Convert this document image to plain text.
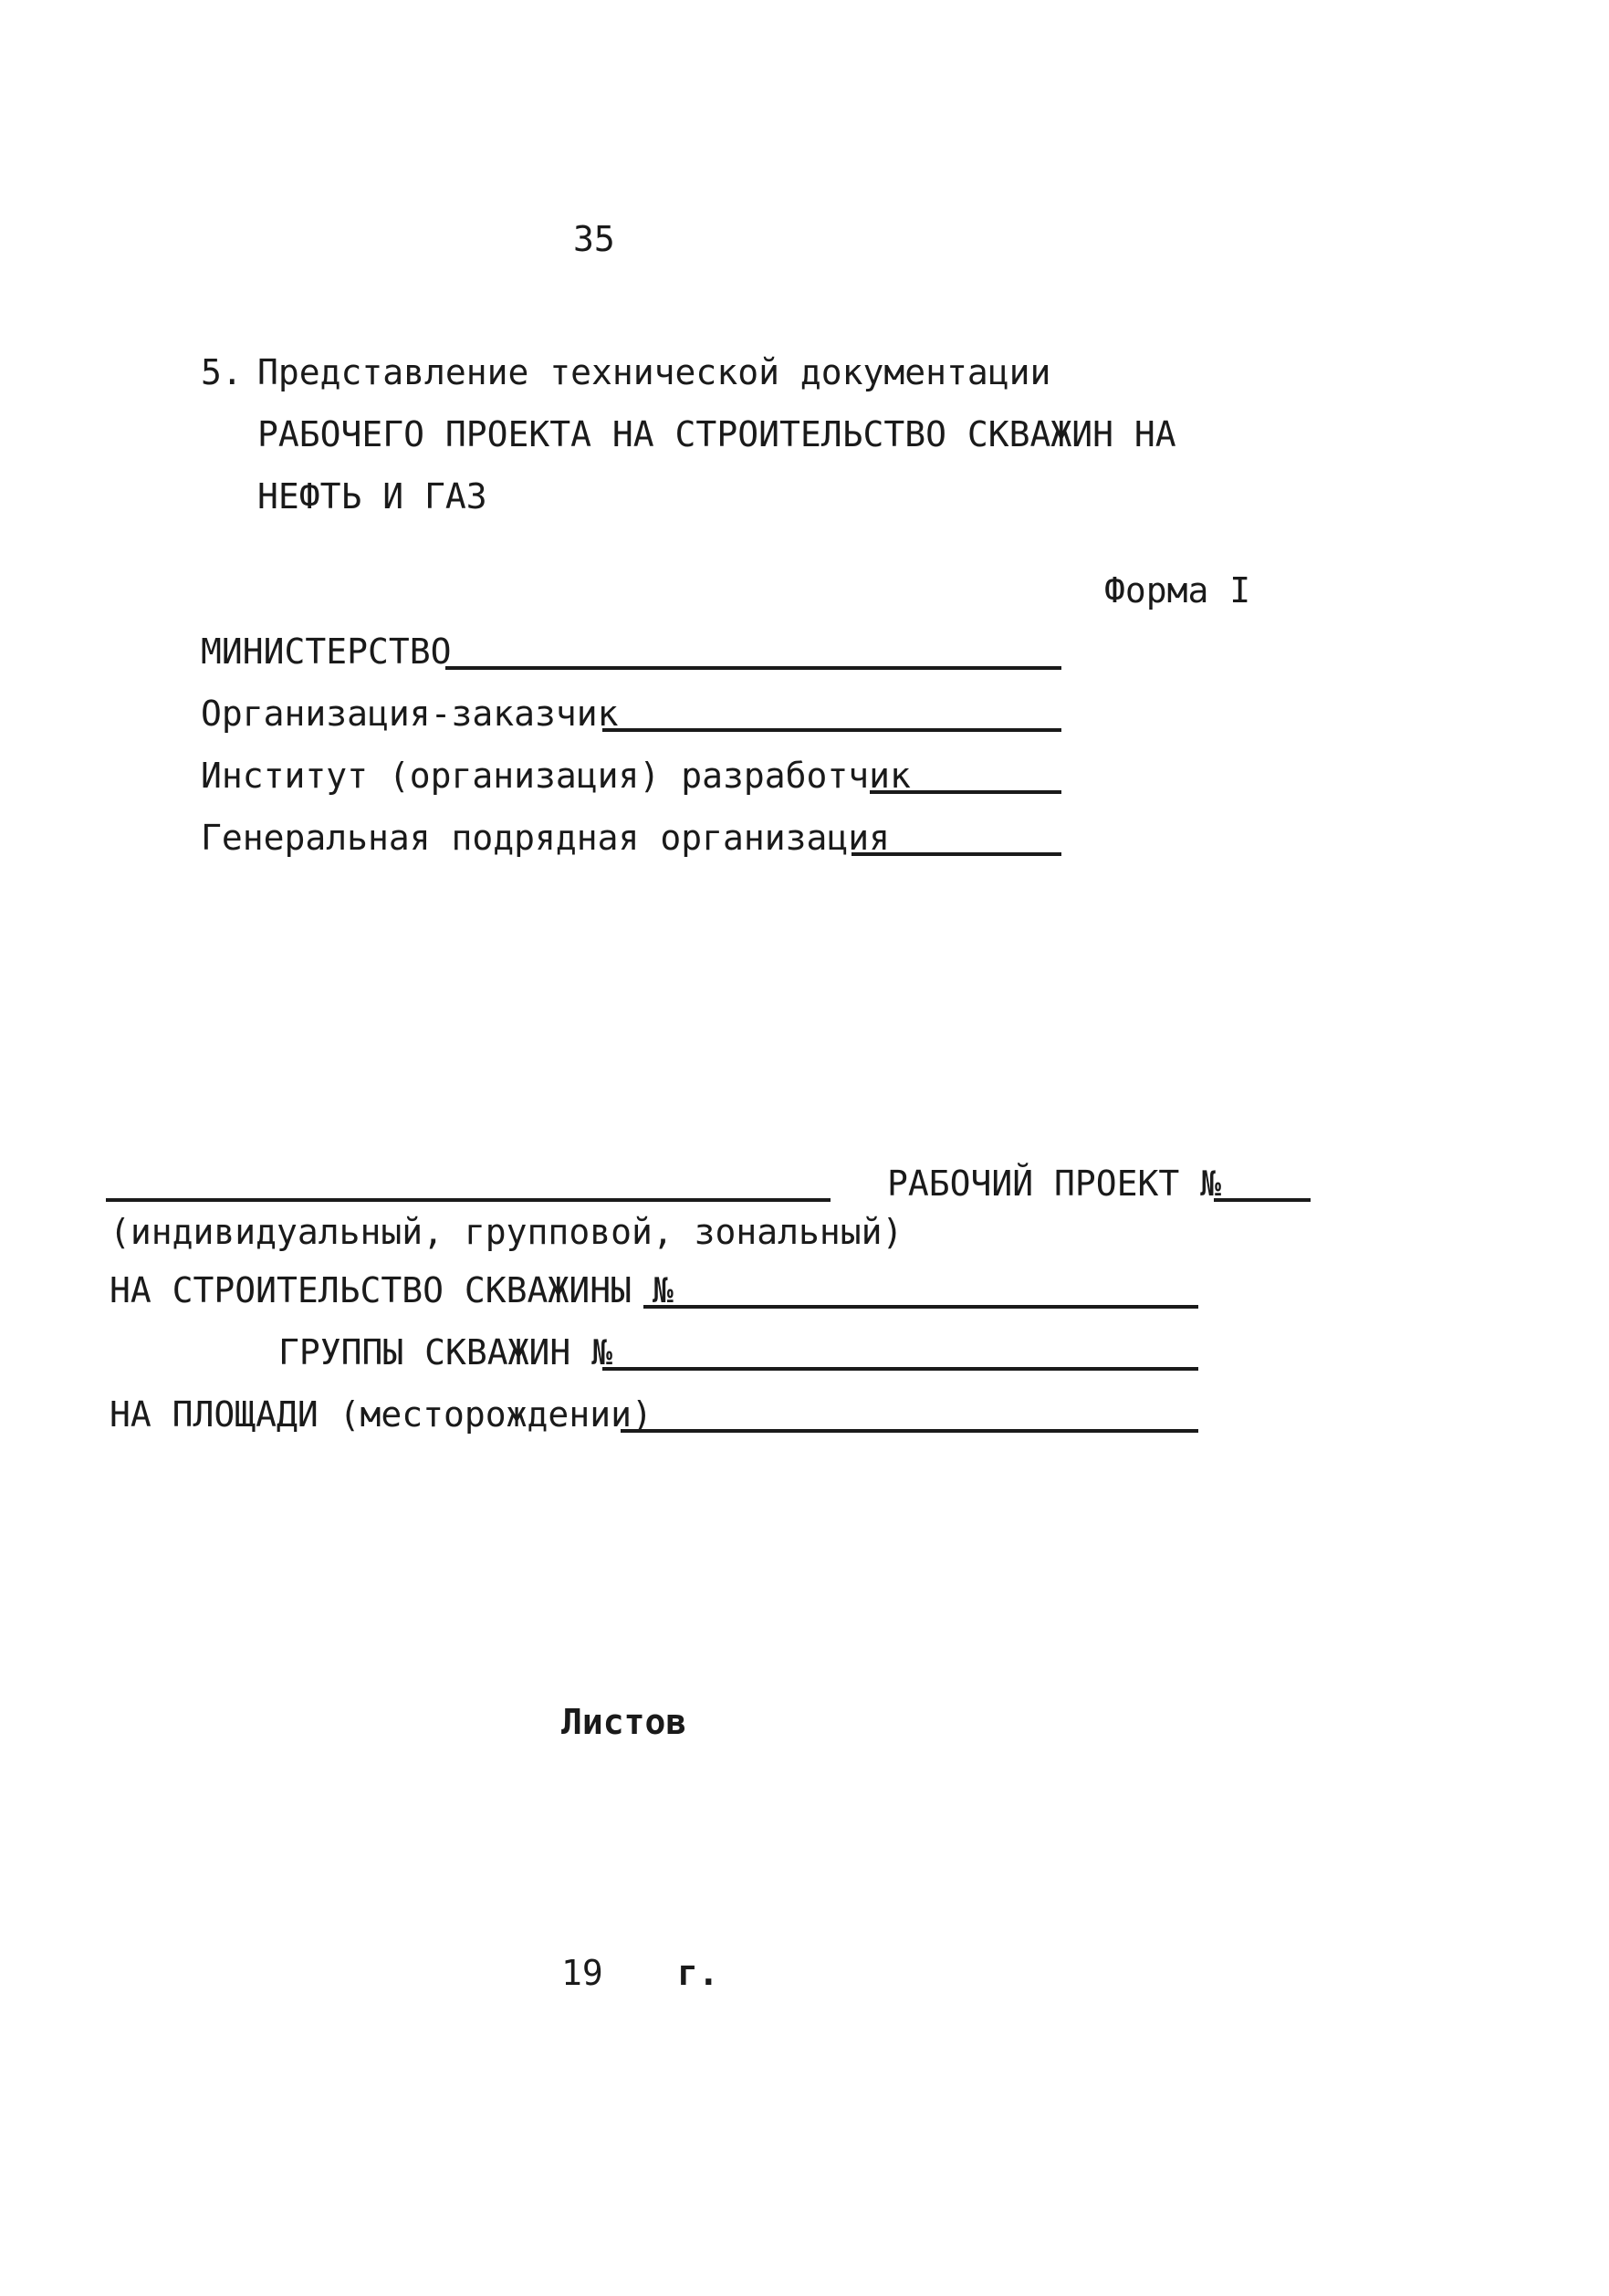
35
5. Представление технической документации
РАБОЧЕГО ПРОЕКТА НА СТРОИТЕЛЬСТВО СКВАЖИН НА
НЕФТЬ И ГАЗ
Форма I
МИНИСТЕРСТВО
Организация-заказчик
Институт (организация) разработчик
Генеральная подрядная организация
РАБОЧИЙ ПРОЕКТ №
(индивидуальный, групповой, зональный)
НА СТРОИТЕЛЬСТВО СКВАЖИНЫ №
ГРУППЫ СКВАЖИН №
НА ПЛОЩАДИ (месторождении)
Листов
19 г.
